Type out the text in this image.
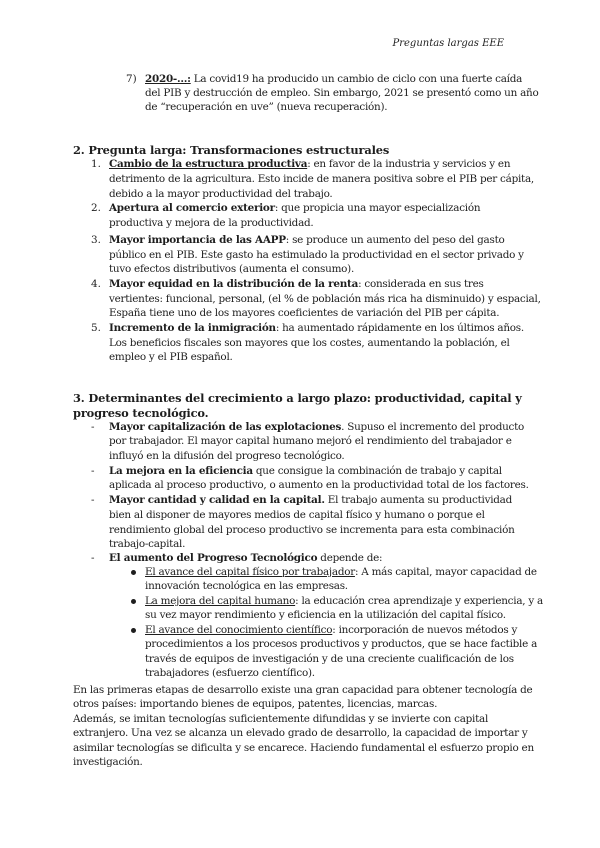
Preguntas largas EEE
7) 2020-…: La covid19 ha producido un cambio de ciclo con una fuerte caída
del PIB y destrucción de empleo. Sin embargo, 2021 se presentó como un año
de “recuperación en uve” (nueva recuperación).
2. Pregunta larga: Transformaciones estructurales
1. Cambio de la estructura productiva: en favor de la industria y servicios y en
detrimento de la agricultura. Esto incide de manera positiva sobre el PIB per cápita,
debido a la mayor productividad del trabajo.
2. Apertura al comercio exterior: que propicia una mayor especialización
productiva y mejora de la productividad.
3. Mayor importancia de las AAPP: se produce un aumento del peso del gasto
público en el PIB. Este gasto ha estimulado la productividad en el sector privado y
tuvo efectos distributivos (aumenta el consumo).
4. Mayor equidad en la distribución de la renta: considerada en sus tres
vertientes: funcional, personal, (el % de población más rica ha disminuido) y espacial,
España tiene uno de los mayores coeficientes de variación del PIB per cápita.
5. Incremento de la inmigración: ha aumentado rápidamente en los últimos años.
Los beneficios fiscales son mayores que los costes, aumentando la población, el
empleo y el PIB español.
3. Determinantes del crecimiento a largo plazo: productividad, capital y
progreso tecnológico.
- Mayor capitalización de las explotaciones. Supuso el incremento del producto
por trabajador. El mayor capital humano mejoró el rendimiento del trabajador e
influyó en la difusión del progreso tecnológico.
- La mejora en la eficiencia que consigue la combinación de trabajo y capital
aplicada al proceso productivo, o aumento en la productividad total de los factores.
- Mayor cantidad y calidad en la capital. El trabajo aumenta su productividad
bien al disponer de mayores medios de capital físico y humano o porque el
rendimiento global del proceso productivo se incrementa para esta combinación
trabajo-capital.
- El aumento del Progreso Tecnológico depende de:
El avance del capital físico por trabajador: A más capital, mayor capacidad de
innovación tecnológica en las empresas.
La mejora del capital humano: la educación crea aprendizaje y experiencia, y a
su vez mayor rendimiento y eficiencia en la utilización del capital físico.
El avance del conocimiento científico: incorporación de nuevos métodos y
procedimientos a los procesos productivos y productos, que se hace factible a
través de equipos de investigación y de una creciente cualificación de los
trabajadores (esfuerzo científico).
En las primeras etapas de desarrollo existe una gran capacidad para obtener tecnología de
otros países: importando bienes de equipos, patentes, licencias, marcas.
Además, se imitan tecnologías suficientemente difundidas y se invierte con capital
extranjero. Una vez se alcanza un elevado grado de desarrollo, la capacidad de importar y
asimilar tecnologías se dificulta y se encarece. Haciendo fundamental el esfuerzo propio en
investigación.
